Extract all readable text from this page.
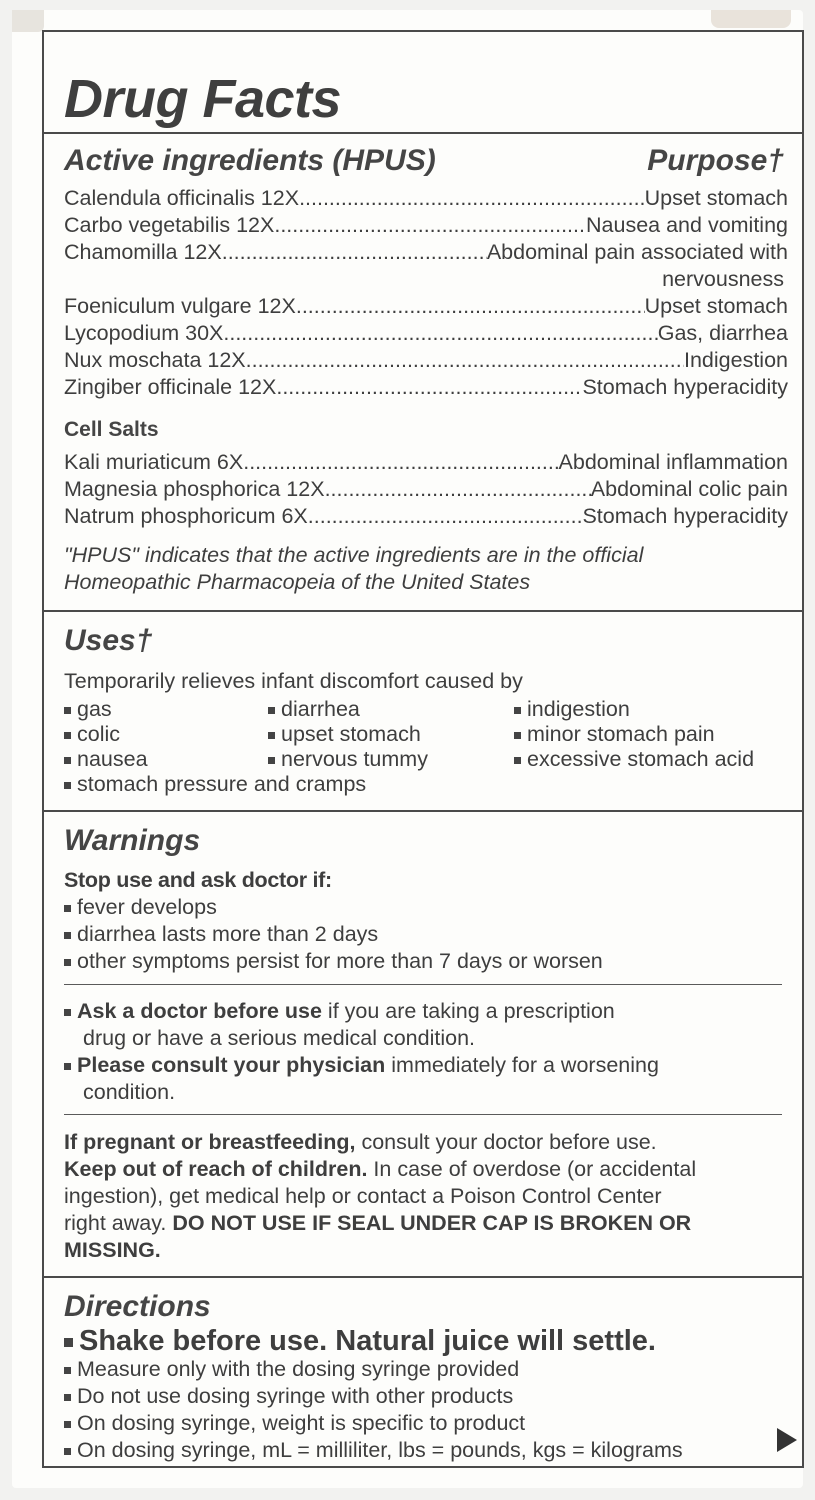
Drug Facts
Active ingredients (HPUS)	Purpose†
Calendula officinalis 12X .....	Upset stomach
Carbo vegetabilis 12X .....	Nausea and vomiting
Chamomilla 12X .....	Abdominal pain associated with
nervousness
Foeniculum vulgare 12X .....	Upset stomach
Lycopodium 30X .....	Gas, diarrhea
Nux moschata 12X .....	Indigestion
Zingiber officinale 12X .....	Stomach hyperacidity
Cell Salts
Kali muriaticum 6X .....	Abdominal inflammation
Magnesia phosphorica 12X .....	Abdominal colic pain
Natrum phosphoricum 6X .....	Stomach hyperacidity
"HPUS" indicates that the active ingredients are in the official
Homeopathic Pharmacopeia of the United States
Uses†
Temporarily relieves infant discomfort caused by
gas	diarrhea	indigestion
colic	upset stomach	minor stomach pain
nausea	nervous tummy	excessive stomach acid
stomach pressure and cramps
Warnings
Stop use and ask doctor if:
fever develops
diarrhea lasts more than 2 days
other symptoms persist for more than 7 days or worsen
Ask a doctor before use if you are taking a prescription
drug or have a serious medical condition.
Please consult your physician immediately for a worsening
condition.
If pregnant or breastfeeding, consult your doctor before use.
Keep out of reach of children. In case of overdose (or accidental
ingestion), get medical help or contact a Poison Control Center
right away. DO NOT USE IF SEAL UNDER CAP IS BROKEN OR
MISSING.
Directions
Shake before use. Natural juice will settle.
Measure only with the dosing syringe provided
Do not use dosing syringe with other products
On dosing syringe, weight is specific to product
On dosing syringe, mL = milliliter, lbs = pounds, kgs = kilograms
